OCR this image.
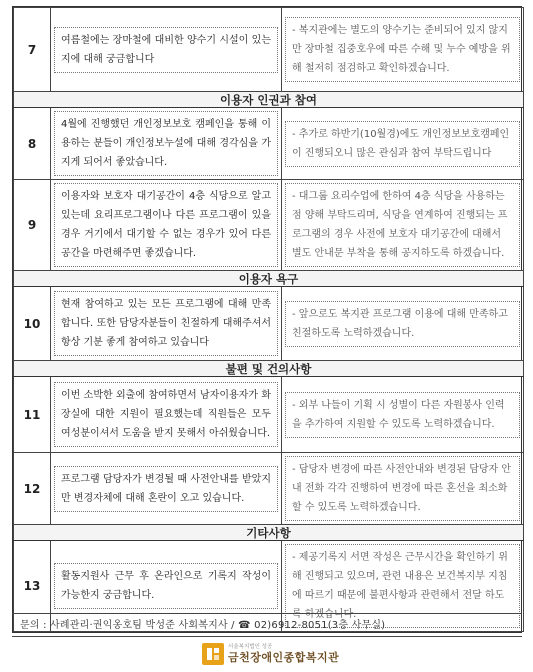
7	여름철에는 장마철에 대비한 양수기 시설이 있는지에 대해 궁금합니다	- 복지관에는 별도의 양수기는 준비되어 있지 않지만 장마철 집중호우에 따른 수해 및 누수 예방을 위해 철저히 점검하고 확인하겠습니다.

이용자 인권과 참여		
8	4월에 진행했던 개인정보보호 캠페인을 통해 이용하는 분들이 개인정보누설에 대해 경각심을 가지게 되어서 좋았습니다.	- 추가로 하반기(10월경)에도 개인정보보호캠페인이 진행되오니 많은 관심과 참여 부탁드립니다

9	이용자와 보호자 대기공간이 4층 식당으로 알고 있는데 요리프로그램이나 다른 프로그램이 있을 경우 거기에서 대기할 수 없는 경우가 있어 다른 공간을 마련해주면 좋겠습니다.	- 대그룹 요리수업에 한하여 4층 식당을 사용하는 점 양해 부탁드리며, 식당을 연계하여 진행되는 프로그램의 경우 사전에 보호자 대기공간에 대해서 별도 안내문 부착을 통해 공지하도록 하겠습니다.

이용자 욕구		
10	현재 참여하고 있는 모든 프로그램에 대해 만족합니다. 또한 담당자분들이 친절하게 대해주셔서 항상 기분 좋게 참여하고 있습니다	- 앞으로도 복지관 프로그램 이용에 대해 만족하고 친절하도록 노력하겠습니다.

불편 및 건의사항		
11	이번 소박한 외출에 참여하면서 남자이용자가 화장실에 대한 지원이 필요했는데 직원들은 모두 여성분이셔서 도움을 받지 못해서 아쉬웠습니다.	- 외부 나들이 기획 시 성별이 다른 자원봉사 인력을 추가하여 지원할 수 있도록 노력하겠습니다.

12	프로그램 담당자가 변경될 때 사전안내를 받았지만 변경자체에 대해 혼란이 오고 있습니다.	- 담당자 변경에 따른 사전안내와 변경된 담당자 안내 전화 각각 진행하여 변경에 따른 혼선을 최소화할 수 있도록 노력하겠습니다.

기타사항		
13	활동지원사 근무 후 온라인으로 기록지 작성이 가능한지 궁금합니다.	- 제공기록지 서면 작성은 근무시간을 확인하기 위해 진행되고 있으며, 관련 내용은 보건복지부 지침에 따르기 때문에 불편사항과 관련해서 전달 하도록 하겠습니다.
문의 : 사례관리·권익옹호팀 박성준 사회복지사 / ☎ 02)6912-8051(3층 사무실)
서울복지법인 성공
금천장애인종합복지관
